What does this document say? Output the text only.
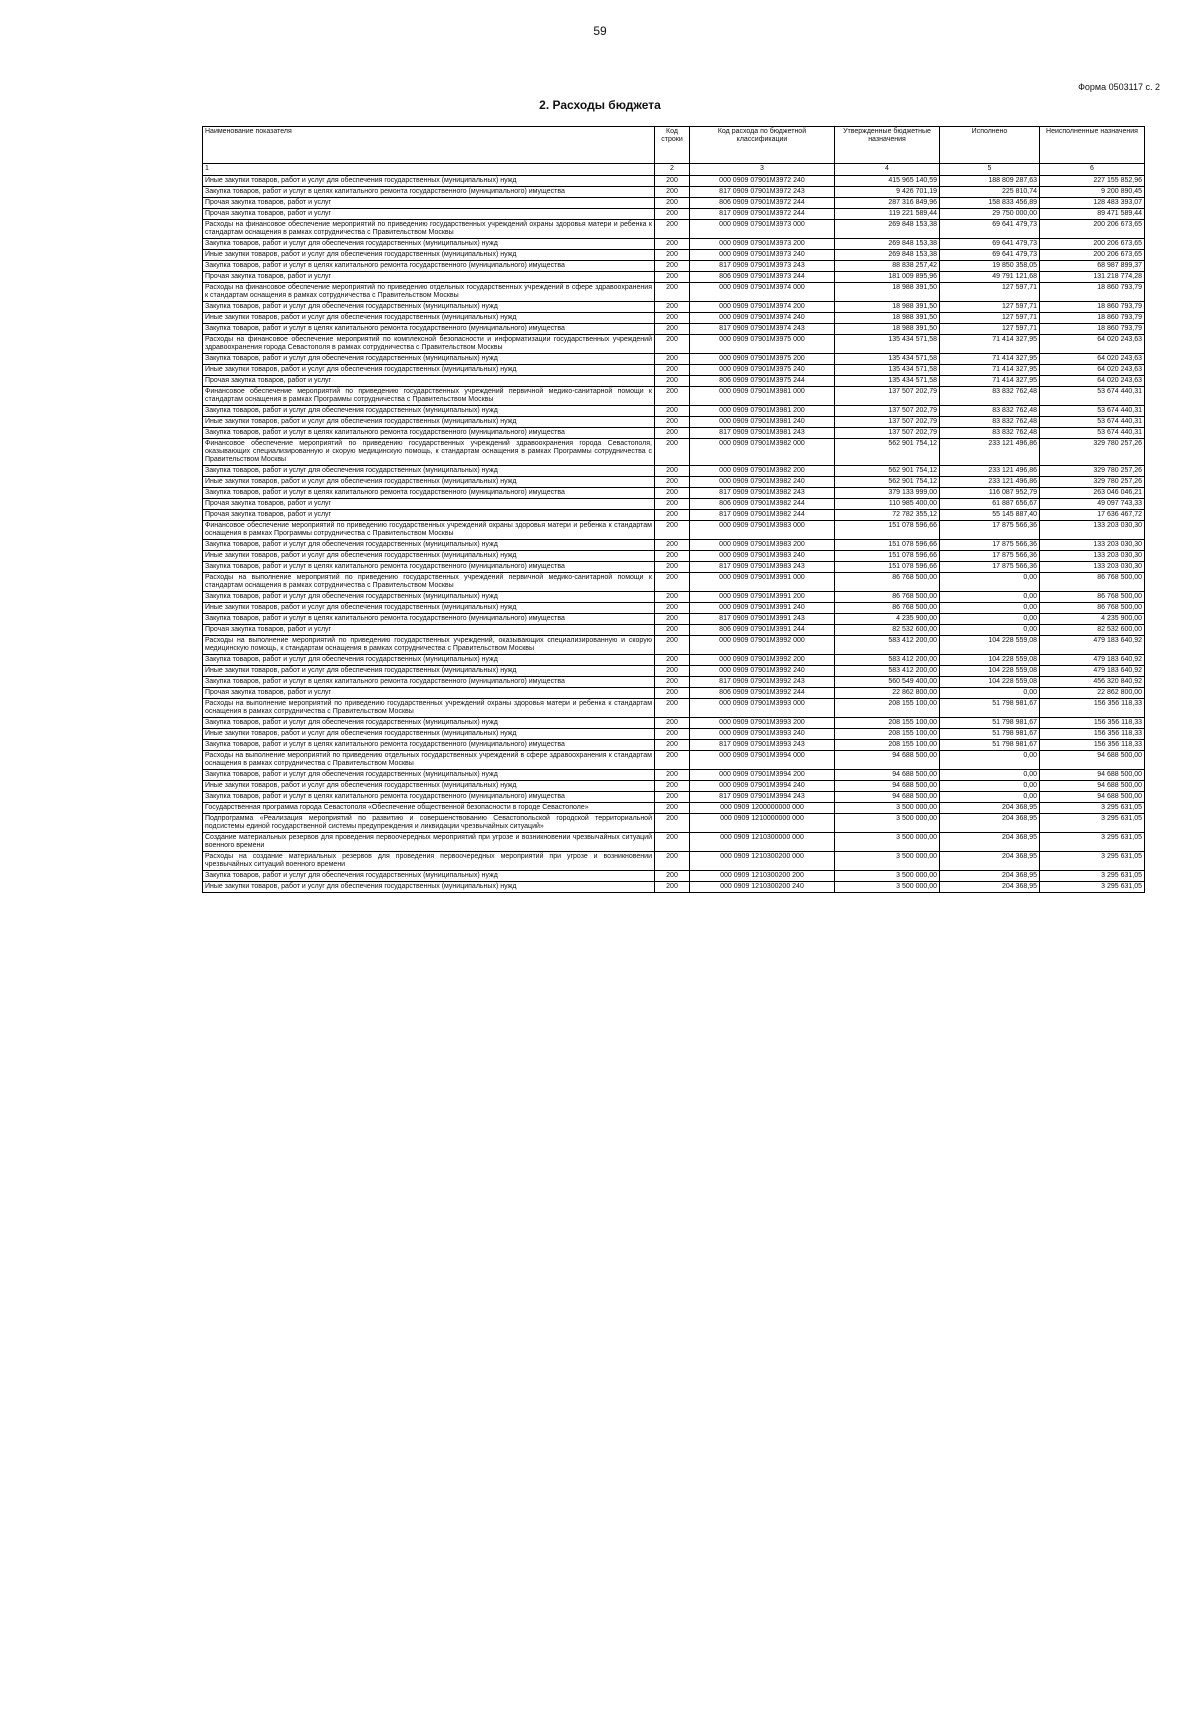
59
Форма 0503117 с. 2
2. Расходы бюджета
Наименование показателя	Код строки	Код расхода по бюджетной классификации	Утвержденные бюджетные назначения	Исполнено	Неисполненные назначения
1	2	3	4	5	6
Иные закупки товаров, работ и услуг для обеспечения государственных (муниципальных) нужд	200	000 0909 07901М3972 240	415 965 140,59	188 809 287,63	227 155 852,96
Закупка товаров, работ и услуг в целях капитального ремонта государственного (муниципального) имущества	200	817 0909 07901М3972 243	9 426 701,19	225 810,74	9 200 890,45
Прочая закупка товаров, работ и услуг	200	806 0909 07901М3972 244	287 316 849,96	158 833 456,89	128 483 393,07
Прочая закупка товаров, работ и услуг	200	817 0909 07901М3972 244	119 221 589,44	29 750 000,00	89 471 589,44
Расходы на финансовое обеспечение мероприятий по приведению государственных учреждений охраны здоровья матери и ребенка к стандартам оснащения в рамках сотрудничества с Правительством Москвы	200	000 0909 07901М3973 000	269 848 153,38	69 641 479,73	200 206 673,65
Закупка товаров, работ и услуг для обеспечения государственных (муниципальных) нужд	200	000 0909 07901М3973 200	269 848 153,38	69 641 479,73	200 206 673,65
Иные закупки товаров, работ и услуг для обеспечения государственных (муниципальных) нужд	200	000 0909 07901М3973 240	269 848 153,38	69 641 479,73	200 206 673,65
Закупка товаров, работ и услуг в целях капитального ремонта государственного (муниципального) имущества	200	817 0909 07901М3973 243	88 838 257,42	19 850 358,05	68 987 899,37
Прочая закупка товаров, работ и услуг	200	806 0909 07901М3973 244	181 009 895,96	49 791 121,68	131 218 774,28
Расходы на финансовое обеспечение мероприятий по приведению отдельных государственных учреждений в сфере здравоохранения к стандартам оснащения в рамках сотрудничества с Правительством Москвы	200	000 0909 07901М3974 000	18 988 391,50	127 597,71	18 860 793,79
Закупка товаров, работ и услуг для обеспечения государственных (муниципальных) нужд	200	000 0909 07901М3974 200	18 988 391,50	127 597,71	18 860 793,79
Иные закупки товаров, работ и услуг для обеспечения государственных (муниципальных) нужд	200	000 0909 07901М3974 240	18 988 391,50	127 597,71	18 860 793,79
Закупка товаров, работ и услуг в целях капитального ремонта государственного (муниципального) имущества	200	817 0909 07901М3974 243	18 988 391,50	127 597,71	18 860 793,79
Расходы на финансовое обеспечение мероприятий по комплексной безопасности и информатизации государственных учреждений здравоохранения города Севастополя в рамках сотрудничества с Правительством Москвы	200	000 0909 07901М3975 000	135 434 571,58	71 414 327,95	64 020 243,63
Закупка товаров, работ и услуг для обеспечения государственных (муниципальных) нужд	200	000 0909 07901М3975 200	135 434 571,58	71 414 327,95	64 020 243,63
Иные закупки товаров, работ и услуг для обеспечения государственных (муниципальных) нужд	200	000 0909 07901М3975 240	135 434 571,58	71 414 327,95	64 020 243,63
Прочая закупка товаров, работ и услуг	200	806 0909 07901М3975 244	135 434 571,58	71 414 327,95	64 020 243,63
Финансовое обеспечение мероприятий по приведению государственных учреждений первичной медико-санитарной помощи к стандартам оснащения в рамках Программы сотрудничества с Правительством Москвы	200	000 0909 07901М3981 000	137 507 202,79	83 832 762,48	53 674 440,31
Закупка товаров, работ и услуг для обеспечения государственных (муниципальных) нужд	200	000 0909 07901М3981 200	137 507 202,79	83 832 762,48	53 674 440,31
Иные закупки товаров, работ и услуг для обеспечения государственных (муниципальных) нужд	200	000 0909 07901М3981 240	137 507 202,79	83 832 762,48	53 674 440,31
Закупка товаров, работ и услуг в целях капитального ремонта государственного (муниципального) имущества	200	817 0909 07901М3981 243	137 507 202,79	83 832 762,48	53 674 440,31
Финансовое обеспечение мероприятий по приведению государственных учреждений здравоохранения города Севастополя, оказывающих специализированную и скорую медицинскую помощь, к стандартам оснащения в рамках Программы сотрудничества с Правительством Москвы	200	000 0909 07901М3982 000	562 901 754,12	233 121 496,86	329 780 257,26
Закупка товаров, работ и услуг для обеспечения государственных (муниципальных) нужд	200	000 0909 07901М3982 200	562 901 754,12	233 121 496,86	329 780 257,26
Иные закупки товаров, работ и услуг для обеспечения государственных (муниципальных) нужд	200	000 0909 07901М3982 240	562 901 754,12	233 121 496,86	329 780 257,26
Закупка товаров, работ и услуг в целях капитального ремонта государственного (муниципального) имущества	200	817 0909 07901М3982 243	379 133 999,00	116 087 952,79	263 046 046,21
Прочая закупка товаров, работ и услуг	200	806 0909 07901М3982 244	110 985 400,00	61 887 656,67	49 097 743,33
Прочая закупка товаров, работ и услуг	200	817 0909 07901М3982 244	72 782 355,12	55 145 887,40	17 636 467,72
Финансовое обеспечение мероприятий по приведению государственных учреждений охраны здоровья матери и ребенка к стандартам оснащения в рамках Программы сотрудничества с Правительством Москвы	200	000 0909 07901М3983 000	151 078 596,66	17 875 566,36	133 203 030,30
Закупка товаров, работ и услуг для обеспечения государственных (муниципальных) нужд	200	000 0909 07901М3983 200	151 078 596,66	17 875 566,36	133 203 030,30
Иные закупки товаров, работ и услуг для обеспечения государственных (муниципальных) нужд	200	000 0909 07901М3983 240	151 078 596,66	17 875 566,36	133 203 030,30
Закупка товаров, работ и услуг в целях капитального ремонта государственного (муниципального) имущества	200	817 0909 07901М3983 243	151 078 596,66	17 875 566,36	133 203 030,30
Расходы на выполнение мероприятий по приведению государственных учреждений первичной медико-санитарной помощи к стандартам оснащения в рамках сотрудничества с Правительством Москвы	200	000 0909 07901М3991 000	86 768 500,00	0,00	86 768 500,00
Закупка товаров, работ и услуг для обеспечения государственных (муниципальных) нужд	200	000 0909 07901М3991 200	86 768 500,00	0,00	86 768 500,00
Иные закупки товаров, работ и услуг для обеспечения государственных (муниципальных) нужд	200	000 0909 07901М3991 240	86 768 500,00	0,00	86 768 500,00
Закупка товаров, работ и услуг в целях капитального ремонта государственного (муниципального) имущества	200	817 0909 07901М3991 243	4 235 900,00	0,00	4 235 900,00
Прочая закупка товаров, работ и услуг	200	806 0909 07901М3991 244	82 532 600,00	0,00	82 532 600,00
Расходы на выполнение мероприятий по приведению государственных учреждений, оказывающих специализированную и скорую медицинскую помощь, к стандартам оснащения в рамках сотрудничества с Правительством Москвы	200	000 0909 07901М3992 000	583 412 200,00	104 228 559,08	479 183 640,92
Закупка товаров, работ и услуг для обеспечения государственных (муниципальных) нужд	200	000 0909 07901М3992 200	583 412 200,00	104 228 559,08	479 183 640,92
Иные закупки товаров, работ и услуг для обеспечения государственных (муниципальных) нужд	200	000 0909 07901М3992 240	583 412 200,00	104 228 559,08	479 183 640,92
Закупка товаров, работ и услуг в целях капитального ремонта государственного (муниципального) имущества	200	817 0909 07901М3992 243	560 549 400,00	104 228 559,08	456 320 840,92
Прочая закупка товаров, работ и услуг	200	806 0909 07901М3992 244	22 862 800,00	0,00	22 862 800,00
Расходы на выполнение мероприятий по приведению государственных учреждений охраны здоровья матери и ребенка к стандартам оснащения в рамках сотрудничества с Правительством Москвы	200	000 0909 07901М3993 000	208 155 100,00	51 798 981,67	156 356 118,33
Закупка товаров, работ и услуг для обеспечения государственных (муниципальных) нужд	200	000 0909 07901М3993 200	208 155 100,00	51 798 981,67	156 356 118,33
Иные закупки товаров, работ и услуг для обеспечения государственных (муниципальных) нужд	200	000 0909 07901М3993 240	208 155 100,00	51 798 981,67	156 356 118,33
Закупка товаров, работ и услуг в целях капитального ремонта государственного (муниципального) имущества	200	817 0909 07901М3993 243	208 155 100,00	51 798 981,67	156 356 118,33
Расходы на выполнение мероприятий по приведению отдельных государственных учреждений в сфере здравоохранения к стандартам оснащения в рамках сотрудничества с Правительством Москвы	200	000 0909 07901М3994 000	94 688 500,00	0,00	94 688 500,00
Закупка товаров, работ и услуг для обеспечения государственных (муниципальных) нужд	200	000 0909 07901М3994 200	94 688 500,00	0,00	94 688 500,00
Иные закупки товаров, работ и услуг для обеспечения государственных (муниципальных) нужд	200	000 0909 07901М3994 240	94 688 500,00	0,00	94 688 500,00
Закупка товаров, работ и услуг в целях капитального ремонта государственного (муниципального) имущества	200	817 0909 07901М3994 243	94 688 500,00	0,00	94 688 500,00
Государственная программа города Севастополя «Обеспечение общественной безопасности в городе Севастополе»	200	000 0909 1200000000 000	3 500 000,00	204 368,95	3 295 631,05
Подпрограмма «Реализация мероприятий по развитию и совершенствованию Севастопольской городской территориальной подсистемы единой государственной системы предупреждения и ликвидации чрезвычайных ситуаций»	200	000 0909 1210000000 000	3 500 000,00	204 368,95	3 295 631,05
Создание материальных резервов для проведения первоочередных мероприятий при угрозе и возникновении чрезвычайных ситуаций военного времени	200	000 0909 1210300000 000	3 500 000,00	204 368,95	3 295 631,05
Расходы на создание материальных резервов для проведения первоочередных мероприятий при угрозе и возникновении чрезвычайных ситуаций военного времени	200	000 0909 1210300200 000	3 500 000,00	204 368,95	3 295 631,05
Закупка товаров, работ и услуг для обеспечения государственных (муниципальных) нужд	200	000 0909 1210300200 200	3 500 000,00	204 368,95	3 295 631,05
Иные закупки товаров, работ и услуг для обеспечения государственных (муниципальных) нужд	200	000 0909 1210300200 240	3 500 000,00	204 368,95	3 295 631,05
